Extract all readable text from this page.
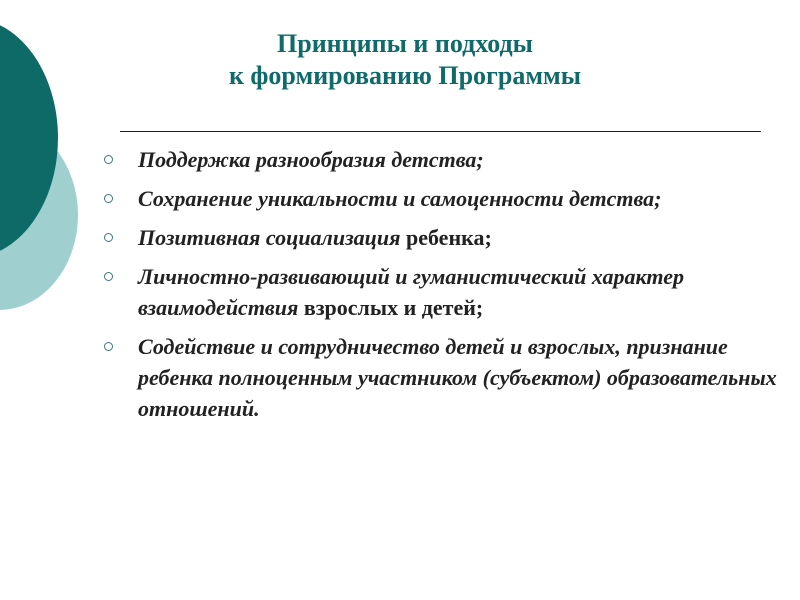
Принципы и подходы
к формированию Программы
Поддержка разнообразия детства;
Сохранение уникальности и самоценности детства;
Позитивная социализация ребенка;
Личностно-развивающий и гуманистический характер взаимодействия взрослых и детей;
Содействие и сотрудничество детей и взрослых, признание ребенка полноценным участником (субъектом) образовательных отношений.
